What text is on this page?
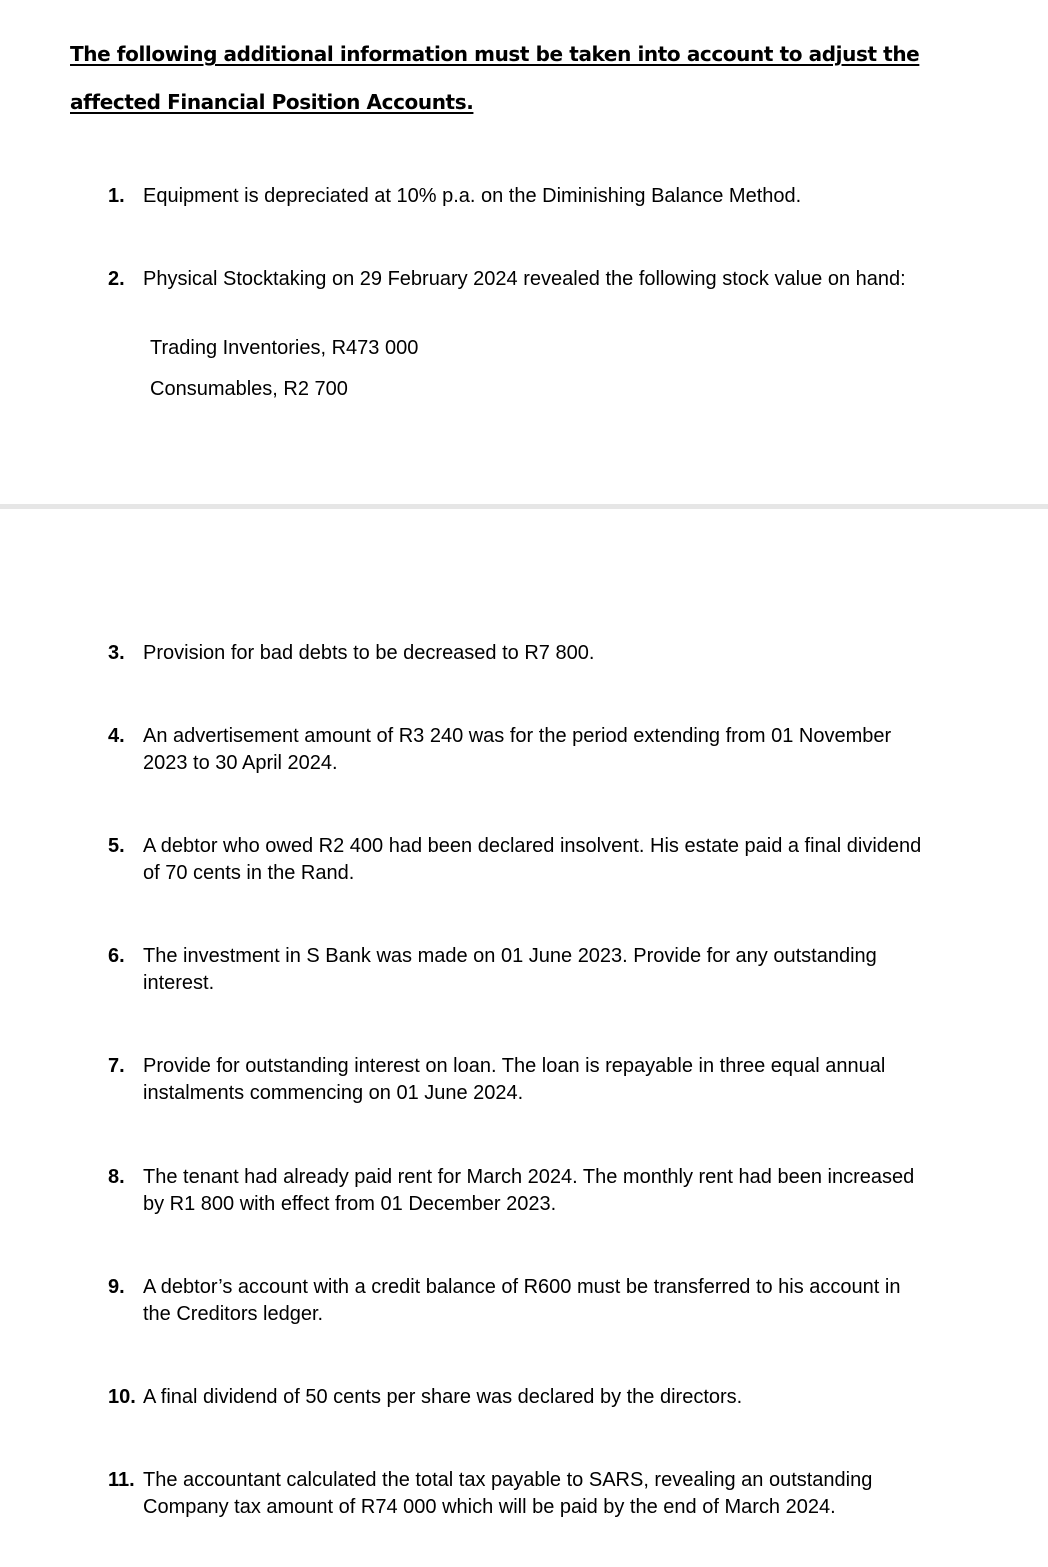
The following additional information must be taken into account to adjust the
affected Financial Position Accounts.
1. Equipment is depreciated at 10% p.a. on the Diminishing Balance Method.
2. Physical Stocktaking on 29 February 2024 revealed the following stock value on hand:
Trading Inventories, R473 000
Consumables, R2 700
3. Provision for bad debts to be decreased to R7 800.
4. An advertisement amount of R3 240 was for the period extending from 01 November 2023 to 30 April 2024.
5. A debtor who owed R2 400 had been declared insolvent. His estate paid a final dividend of 70 cents in the Rand.
6. The investment in S Bank was made on 01 June 2023. Provide for any outstanding interest.
7. Provide for outstanding interest on loan. The loan is repayable in three equal annual instalments commencing on 01 June 2024.
8. The tenant had already paid rent for March 2024. The monthly rent had been increased by R1 800 with effect from 01 December 2023.
9. A debtor’s account with a credit balance of R600 must be transferred to his account in the Creditors ledger.
10. A final dividend of 50 cents per share was declared by the directors.
11. The accountant calculated the total tax payable to SARS, revealing an outstanding Company tax amount of R74 000 which will be paid by the end of March 2024.
